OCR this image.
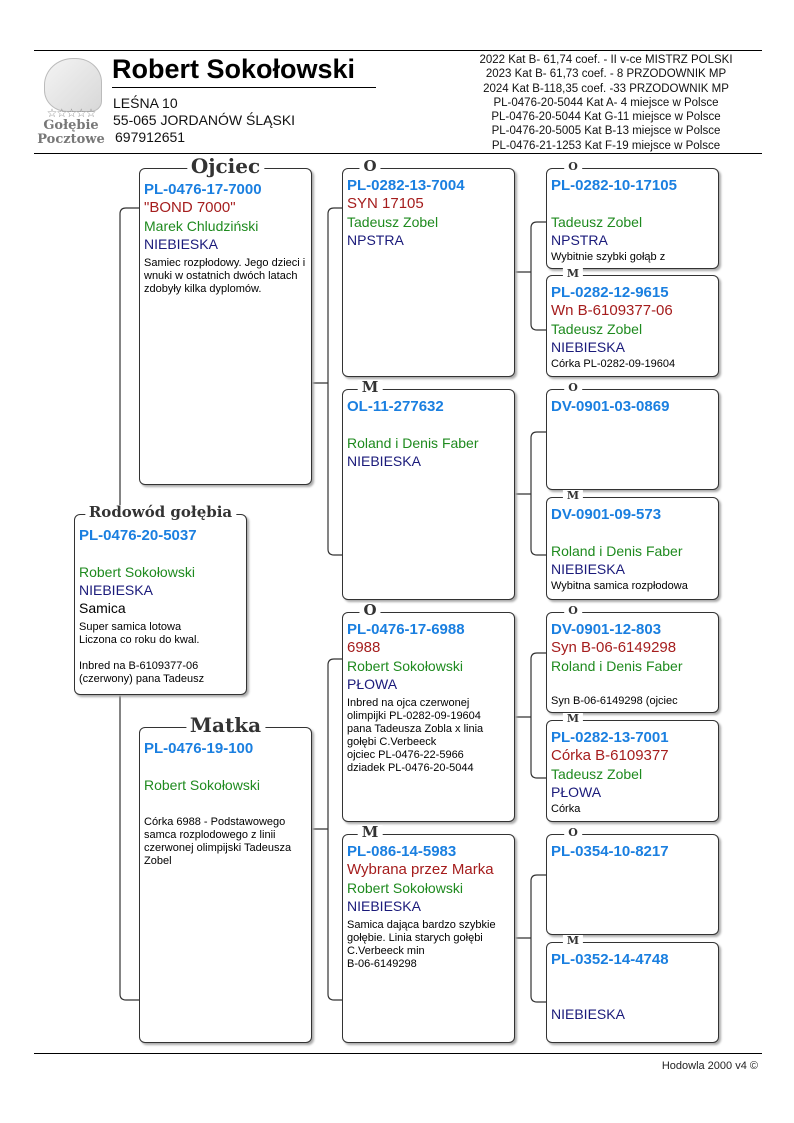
☆☆☆☆☆
Gołębie
Pocztowe
Robert Sokołowski
LEŚNA 10
55-065 JORDANÓW ŚLĄSKI
697912651
2022 Kat B- 61,74 coef. - II v-ce MISTRZ POLSKI
2023 Kat B- 61,73 coef. - 8 PRZODOWNIK MP
2024 Kat B-118,35 coef. -33 PRZODOWNIK MP
PL-0476-20-5044 Kat A- 4 miejsce w Polsce
PL-0476-20-5044 Kat G-11 miejsce w Polsce
PL-0476-20-5005 Kat B-13 miejsce w Polsce
PL-0476-21-1253 Kat F-19 miejsce w Polsce
PL-0476-20-5037
Robert Sokołowski
NIEBIESKA
Samica
Super samica lotowa
Liczona co roku do kwal.

Inbred na B-6109377-06
(czerwony) pana Tadeusz
Rodowód gołębia
PL-0476-17-7000
"BOND 7000"
Marek Chludziński
NIEBIESKA
Samiec rozpłodowy. Jego dzieci i wnuki w ostatnich dwóch latach zdobyły kilka dyplomów.
Ojciec
PL-0476-19-100
Robert Sokołowski
Córka 6988 - Podstawowego samca rozplodowego z linii czerwonej olimpijski Tadeusza Zobel
Matka
PL-0282-13-7004
SYN 17105
Tadeusz Zobel
NPSTRA
O
OL-11-277632
Roland i Denis Faber
NIEBIESKA
M
PL-0476-17-6988
6988
Robert Sokołowski
PŁOWA
Inbred na ojca czerwonej
olimpijki PL-0282-09-19604
pana Tadeusza Zobla x linia
gołębi C.Verbeeck
ojciec PL-0476-22-5966
dziadek PL-0476-20-5044
O
PL-086-14-5983
Wybrana przez Marka
Robert Sokołowski
NIEBIESKA
Samica dająca bardzo szybkie
gołębie. Linia starych gołębi
C.Verbeeck min
B-06-6149298
M
PL-0282-10-17105
Tadeusz Zobel
NPSTRA
Wybitnie szybki gołąb z
O
PL-0282-12-9615
Wn B-6109377-06
Tadeusz Zobel
NIEBIESKA
Córka PL-0282-09-19604
M
DV-0901-03-0869
O
DV-0901-09-573
Roland i Denis Faber
NIEBIESKA
Wybitna samica rozpłodowa
M
DV-0901-12-803
Syn B-06-6149298
Roland i Denis Faber
Syn B-06-6149298 (ojciec
O
PL-0282-13-7001
Córka B-6109377
Tadeusz Zobel
PŁOWA
Córka
M
PL-0354-10-8217
O
PL-0352-14-4748
NIEBIESKA
M
Hodowla 2000 v4 ©
